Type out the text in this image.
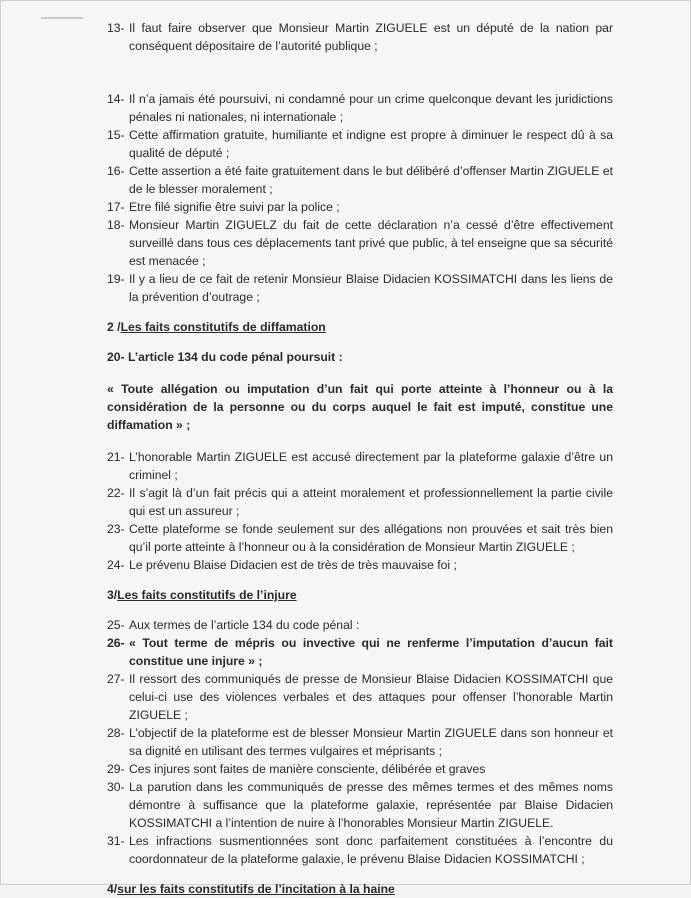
13- Il faut faire observer que Monsieur Martin ZIGUELE est un député de la nation par conséquent dépositaire de l’autorité publique ;
14- Il n’a jamais été poursuivi, ni condamné pour un crime quelconque devant les juridictions pénales ni nationales, ni internationale ;
15- Cette affirmation gratuite, humiliante et indigne est propre à diminuer le respect dû à sa qualité de député ;
16- Cette assertion a été faite gratuitement dans le but délibéré d’offenser Martin ZIGUELE et de le blesser moralement ;
17- Etre filé signifie être suivi par la police ;
18- Monsieur Martin ZIGUELZ du fait de cette déclaration n’a cessé d’être effectivement surveillé dans tous ces déplacements tant privé que public, à tel enseigne que sa sécurité est menacée ;
19- Il y a lieu de ce fait de retenir Monsieur Blaise Didacien KOSSIMATCHI dans les liens de la prévention d’outrage ;
2 /Les faits constitutifs de diffamation
20- L’article 134 du code pénal poursuit :
« Toute allégation ou imputation d’un fait qui porte atteinte à l’honneur ou à la considération de la personne ou du corps auquel le fait est imputé, constitue une diffamation » ;
21- L’honorable Martin ZIGUELE est accusé directement par la plateforme galaxie d’être un criminel ;
22- Il s’agit là d’un fait précis qui a atteint moralement et professionnellement la partie civile qui est un assureur ;
23- Cette plateforme se fonde seulement sur des allégations non prouvées et sait très bien qu’il porte atteinte à l’honneur ou à la considération de Monsieur Martin ZIGUELE ;
24- Le prévenu Blaise Didacien est de très de très mauvaise foi ;
3/Les faits constitutifs de l’injure
25- Aux termes de l’article 134 du code pénal :
26- « Tout terme de mépris ou invective qui ne renferme l’imputation d’aucun fait constitue une injure » ;
27- Il ressort des communiqués de presse de Monsieur Blaise Didacien KOSSIMATCHI que celui-ci use des violences verbales et des attaques pour offenser l’honorable Martin ZIGUELE ;
28- L’objectif de la plateforme est de blesser Monsieur Martin ZIGUELE dans son honneur et sa dignité en utilisant des termes vulgaires et méprisants ;
29- Ces injures sont faites de manière consciente, délibérée et graves
30- La parution dans les communiqués de presse des mêmes termes et des mêmes noms démontre à suffisance que la plateforme galaxie, représentée par Blaise Didacien KOSSIMATCHI a l’intention de nuire à l’honorables Monsieur Martin ZIGUELE.
31- Les infractions susmentionnées sont donc parfaitement constituées à l’encontre du coordonnateur de la plateforme galaxie, le prévenu Blaise Didacien KOSSIMATCHI ;
4/sur les faits constitutifs de l’incitation à la haine
